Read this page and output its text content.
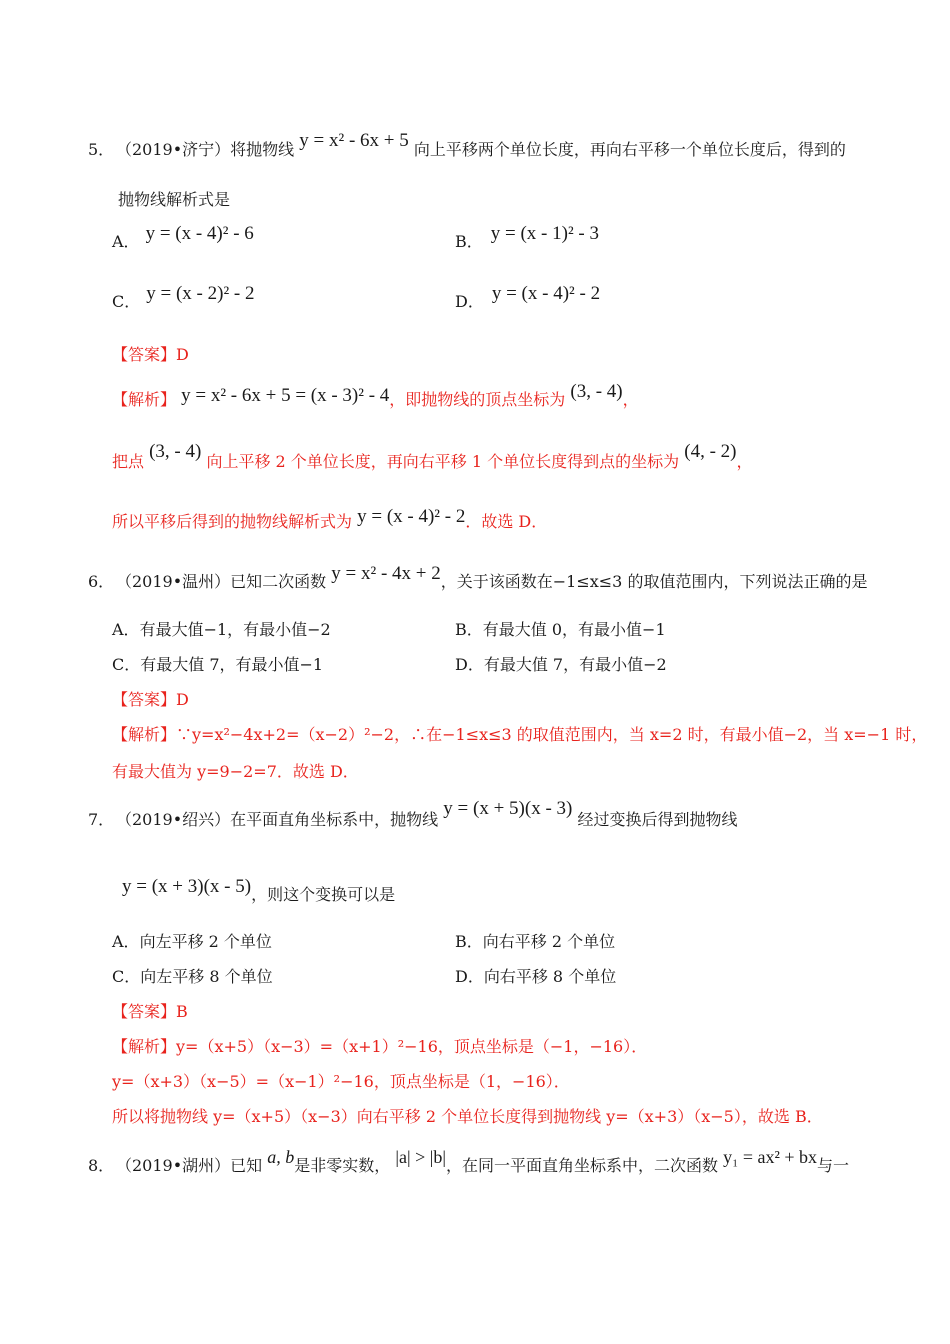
5． （2019•济宁）将抛物线 y = x² - 6x + 5 向上平移两个单位长度，再向右平移一个单位长度后，得到的
抛物线解析式是
A． y = (x - 4)² - 6	B． y = (x - 1)² - 3
C． y = (x - 2)² - 2	D． y = (x - 4)² - 2
【答案】D
【解析】 y = x² - 6x + 5 = (x - 3)² - 4，即抛物线的顶点坐标为 (3, - 4)，
把点 (3, - 4) 向上平移 2 个单位长度，再向右平移 1 个单位长度得到点的坐标为 (4, - 2)，
所以平移后得到的抛物线解析式为 y = (x - 4)² - 2．故选 D．
6． （2019•温州）已知二次函数 y = x² - 4x + 2，关于该函数在−1≤x≤3 的取值范围内，下列说法正确的是
A．有最大值−1，有最小值−2	B．有最大值 0，有最小值−1
C．有最大值 7，有最小值−1	D．有最大值 7，有最小值−2
【答案】D
【解析】∵y=x²−4x+2=（x−2）²−2，∴在−1≤x≤3 的取值范围内，当 x=2 时，有最小值−2，当 x=−1 时，
有最大值为 y=9−2=7．故选 D．
7． （2019•绍兴）在平面直角坐标系中，抛物线 y = (x + 5)(x - 3) 经过变换后得到抛物线
y = (x + 3)(x - 5)，则这个变换可以是
A．向左平移 2 个单位	B．向右平移 2 个单位
C．向左平移 8 个单位	D．向右平移 8 个单位
【答案】B
【解析】y=（x+5）（x−3）=（x+1）²−16，顶点坐标是（−1，−16）．
y=（x+3）（x−5）=（x−1）²−16，顶点坐标是（1，−16）．
所以将抛物线 y=（x+5）（x−3）向右平移 2 个单位长度得到抛物线 y=（x+3）（x−5），故选 B．
8． （2019•湖州）已知 a, b是非零实数， |a| > |b|，在同一平面直角坐标系中，二次函数 y₁ = ax² + bx与一
